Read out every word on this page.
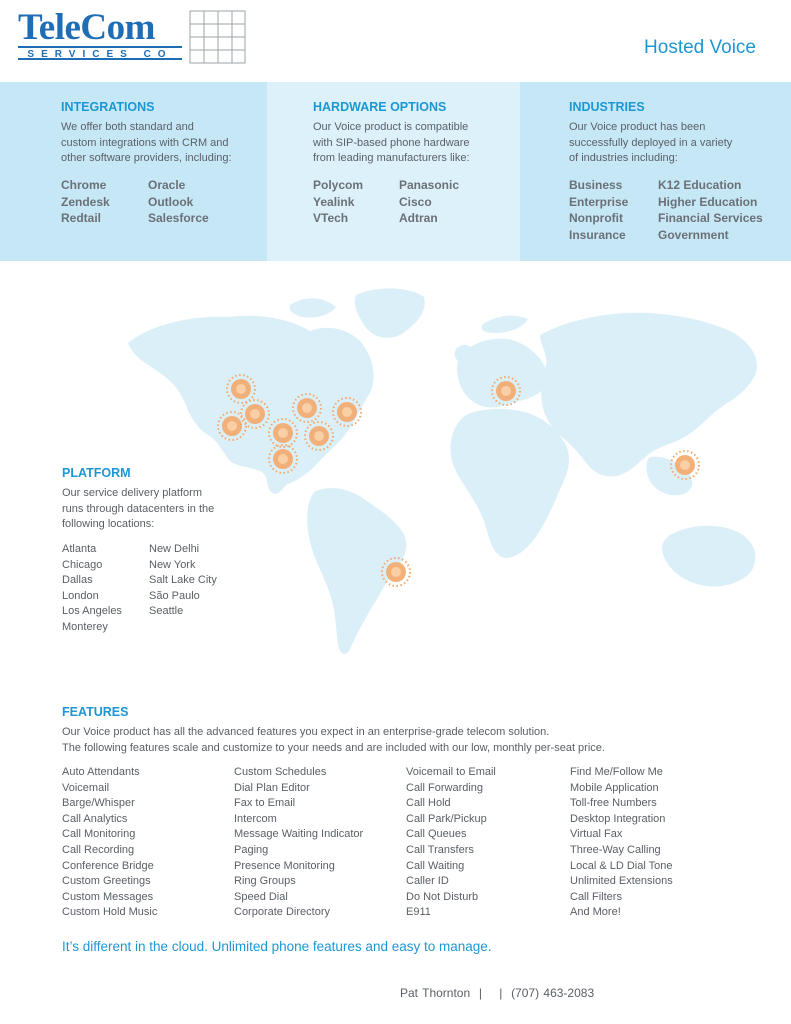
TeleCom
SERVICES CO	Hosted Voice
INTEGRATIONS
We offer both standard and
custom integrations with CRM and
other software providers, including:
Chrome
Zendesk
Redtail
Oracle
Outlook
Salesforce
HARDWARE OPTIONS
Our Voice product is compatible
with SIP-based phone hardware
from leading manufacturers like:
Polycom
Yealink
VTech
Panasonic
Cisco
Adtran
INDUSTRIES
Our Voice product has been
successfully deployed in a variety
of industries including:
Business
Enterprise
Nonprofit
Insurance
K12 Education
Higher Education
Financial Services
Government
PLATFORM
Our service delivery platform
runs through datacenters in the
following locations:
Atlanta
Chicago
Dallas
London
Los Angeles
Monterey
New Delhi
New York
Salt Lake City
São Paulo
Seattle
FEATURES
Our Voice product has all the advanced features you expect in an enterprise-grade telecom solution.
The following features scale and customize to your needs and are included with our low, monthly per-seat price.
Auto Attendants
Voicemail
Barge/Whisper
Call Analytics
Call Monitoring
Call Recording
Conference Bridge
Custom Greetings
Custom Messages
Custom Hold Music
Custom Schedules
Dial Plan Editor
Fax to Email
Intercom
Message Waiting Indicator
Paging
Presence Monitoring
Ring Groups
Speed Dial
Corporate Directory
Voicemail to Email
Call Forwarding
Call Hold
Call Park/Pickup
Call Queues
Call Transfers
Call Waiting
Caller ID
Do Not Disturb
E911
Find Me/Follow Me
Mobile Application
Toll-free Numbers
Desktop Integration
Virtual Fax
Three-Way Calling
Local & LD Dial Tone
Unlimited Extensions
Call Filters
And More!
It’s different in the cloud. Unlimited phone features and easy to manage.
Pat Thornton  |    |  (707) 463-2083
